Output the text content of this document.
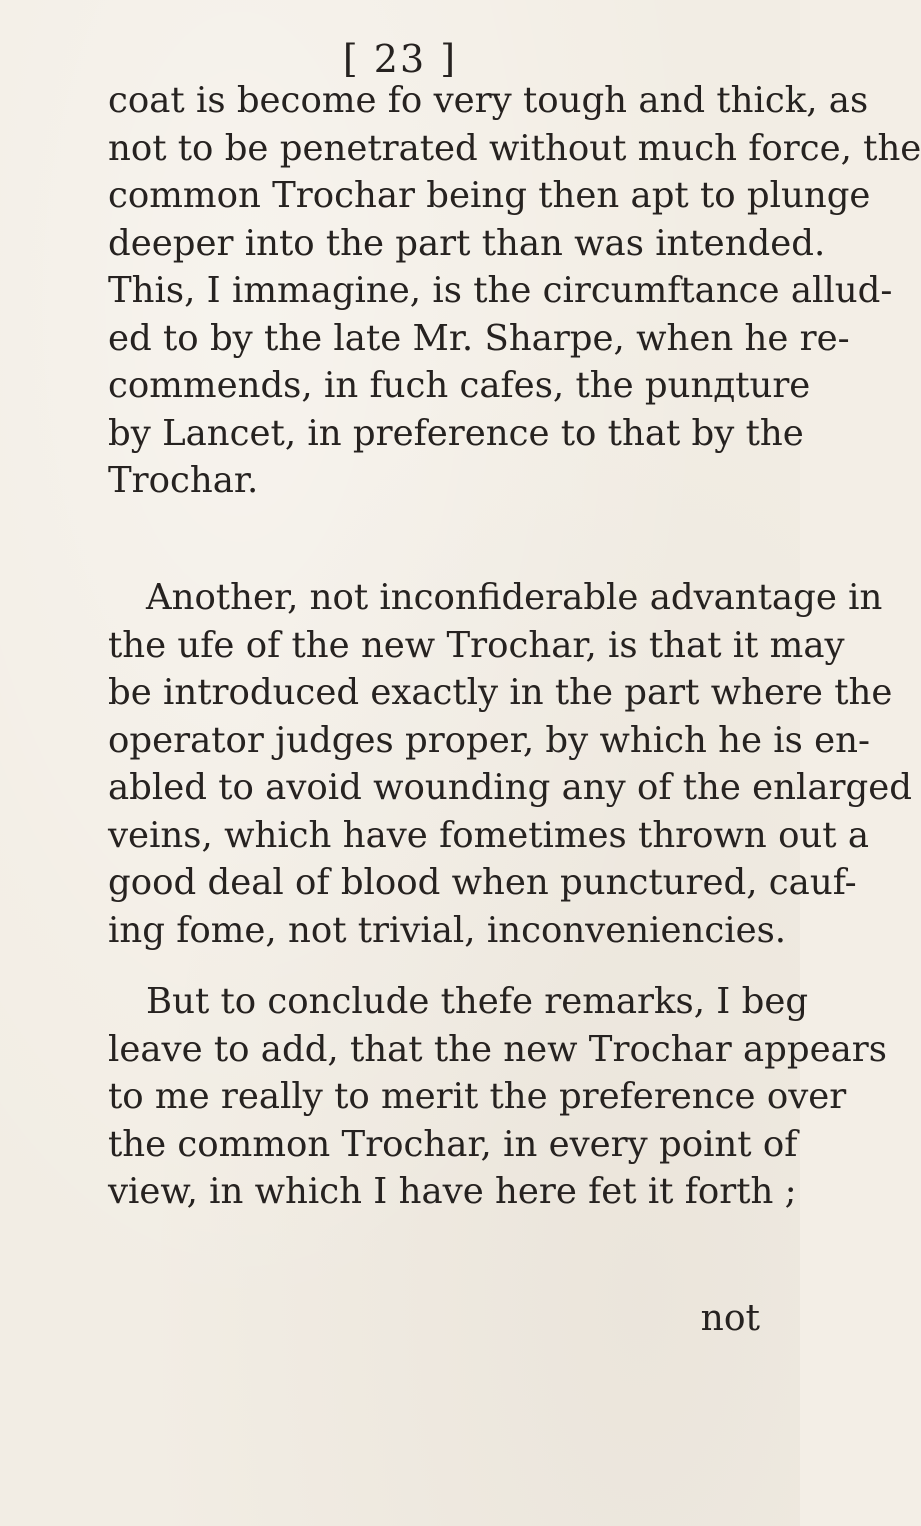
[ 23 ]
coat is become fo very tough and thick, as
not to be penetrated without much force, the
common Trochar being then apt to plunge
deeper into the part than was intended.
This, I immagine, is the circumftance allud-
ed to by the late Mr. Sharpe, when he re-
commends, in fuch cafes, the punдture
by Lancet, in preference to that by the
Trochar.
Another, not inconfiderable advantage in
the ufe of the new Trochar, is that it may
be introduced exactly in the part where the
operator judges proper, by which he is en-
abled to avoid wounding any of the enlarged
veins, which have fometimes thrown out a
good deal of blood when punctured, cauf-
ing fome, not trivial, inconveniencies.
But to conclude thefe remarks, I beg
leave to add, that the new Trochar appears
to me really to merit the preference over
the common Trochar, in every point of
view, in which I have here fet it forth ;
not
